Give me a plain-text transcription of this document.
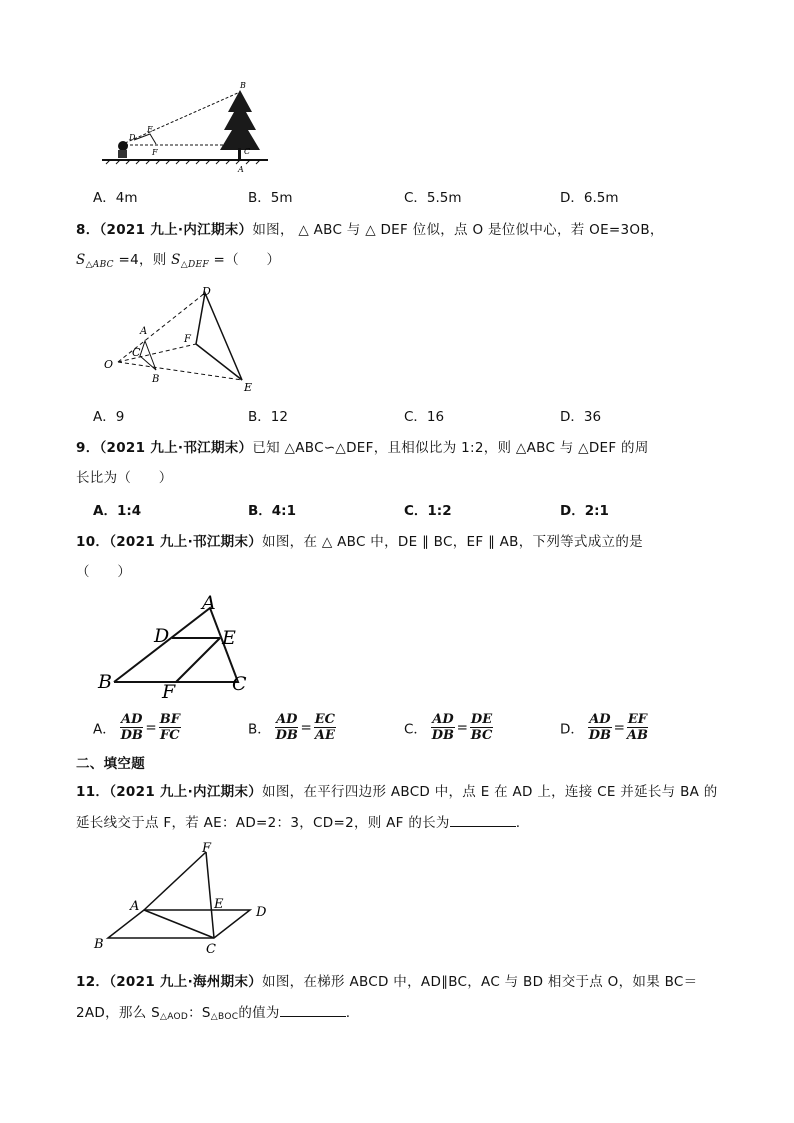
B
E
D
F	C
A
A．4m	B．5m	C．5.5m	D．6.5m
8．（2021 九上·内江期末）如图， △ ABC 与 △ DEF 位似，点 O 是位似中心，若 OE=3OB，
$S_{\triangle ABC} =4$，则 $S_{\triangle DEF}$ =（　　）
D
A
C
F
O
B
E
A．9	B．12	C．16	D．36
9．（2021 九上·邗江期末）已知 △ABC∽△DEF，且相似比为 1:2，则 △ABC 与 △DEF 的周
长比为（　　）
A．1:4	B．4:1	C．1:2	D．2:1
10．（2021 九上·邗江期末）如图，在 △ ABC 中，DE ∥ BC，EF ∥ AB，下列等式成立的是
（　　）
A
D	E
B	F	C
A． $\frac{AD}{DB} = \frac{BF}{FC}$	B． $\frac{AD}{DB} = \frac{EC}{AE}$	C． $\frac{AD}{DB} = \frac{DE}{BC}$	D． $\frac{AD}{DB} = \frac{EF}{AB}$
二、填空题
11．（2021 九上·内江期末）如图，在平行四边形 ABCD 中，点 E 在 AD 上，连接 CE 并延长与 BA 的
延长线交于点 F，若 AE：AD=2：3，CD=2，则 AF 的长为	.
F
A	E
D
B	C
12．（2021 九上·海州期末）如图，在梯形 ABCD 中，AD∥BC，AC 与 BD 相交于点 O，如果 BC＝
2AD，那么 S△AOD：S△BOC的值为	.
